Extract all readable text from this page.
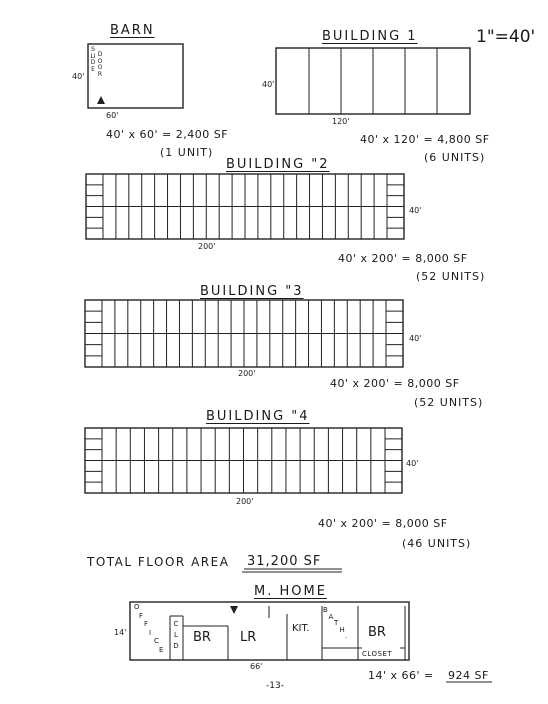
1"=40'
BARN
40'
60'
SLIDE
DOOR
40' x 60' = 2,400 SF
(1 UNIT)
BUILDING 1
40'
120'
40' x 120' = 4,800 SF
(6 UNITS)
BUILDING "2
40'
200'
40' x 200' = 8,000 SF
(52 UNITS)
BUILDING "3
40'
200'
40' x 200' = 8,000 SF
(52 UNITS)
BUILDING "4
40'
200'
40' x 200' = 8,000 SF
(46 UNITS)
TOTAL FLOOR AREA 31,200 SF
M. HOME
14'
66'
O
F
F
I
C
E
CLD
BR LR
KIT.
B
A
T
H
. BR
CLOSET
14' x 66' = 924 SF
-13-
